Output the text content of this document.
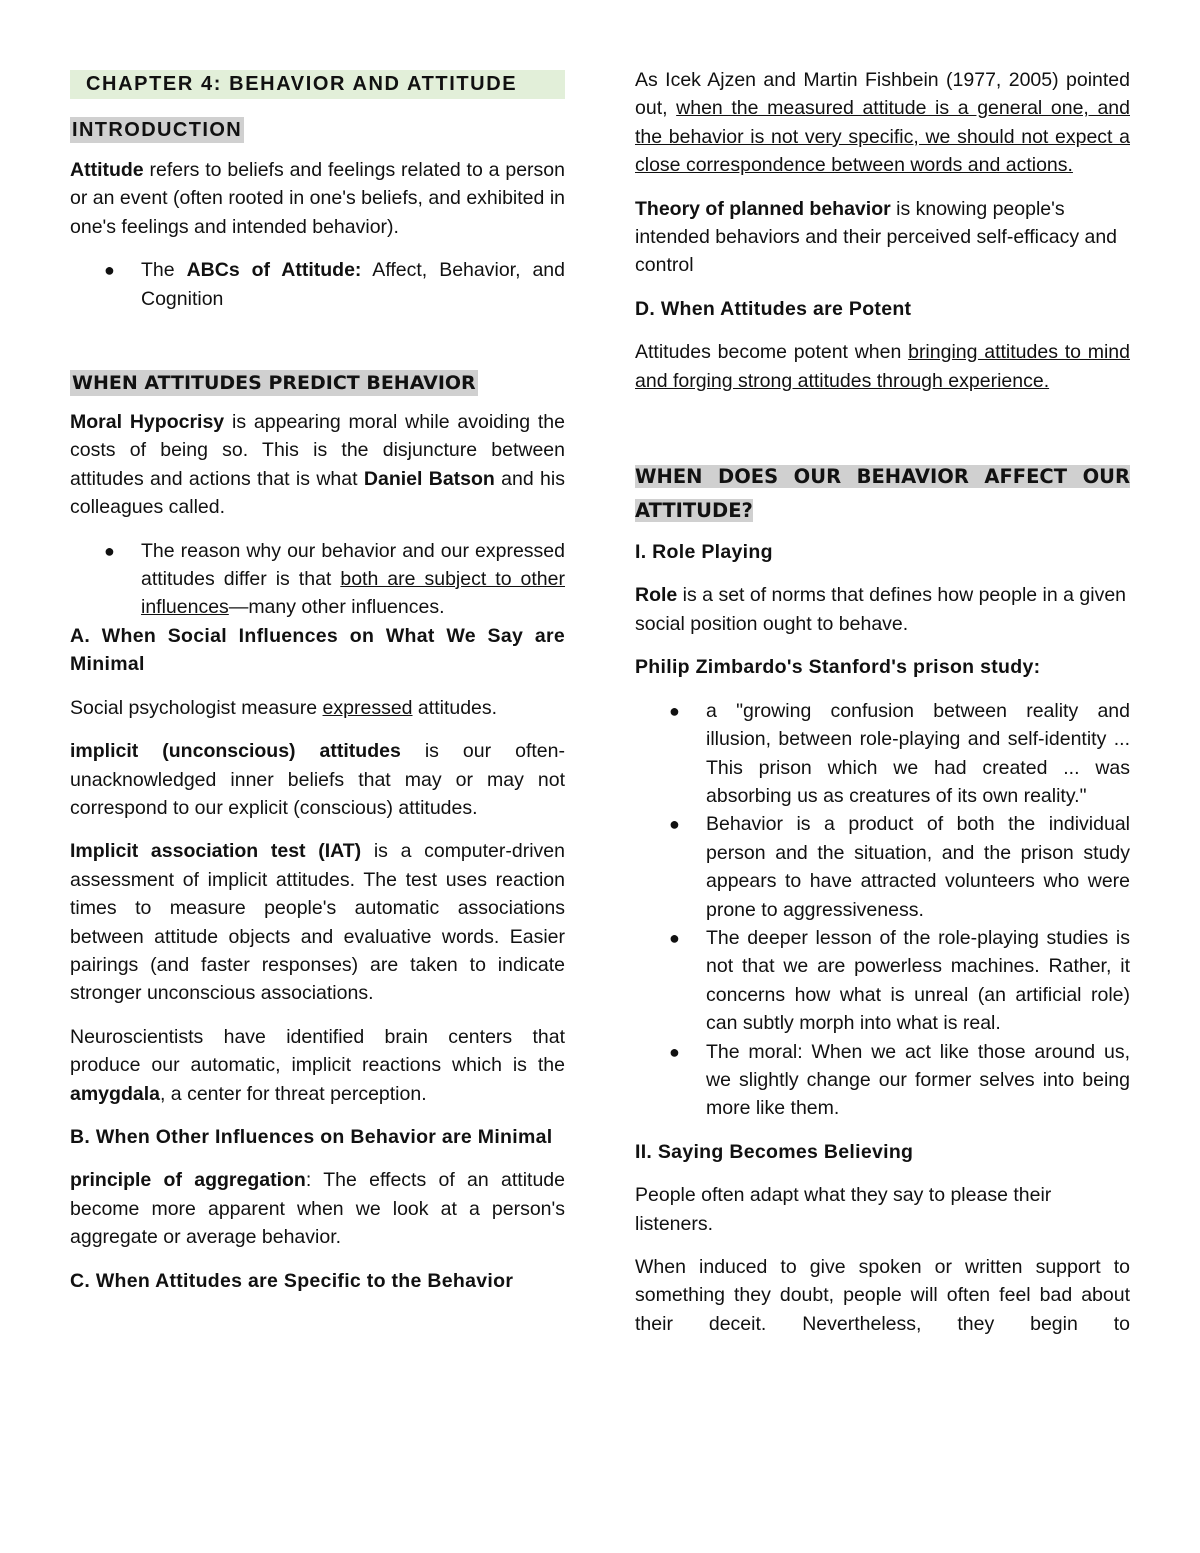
CHAPTER 4: BEHAVIOR AND ATTITUDE
INTRODUCTION

Attitude refers to beliefs and feelings related to a person or an event (often rooted in one's beliefs, and exhibited in one's feelings and intended behavior).

● The ABCs of Attitude: Affect, Behavior, and Cognition
WHEN ATTITUDES PREDICT BEHAVIOR

Moral Hypocrisy is appearing moral while avoiding the costs of being so. This is the disjuncture between attitudes and actions that is what Daniel Batson and his colleagues called.

● The reason why our behavior and our expressed attitudes differ is that both are subject to other influences—many other influences.
A. When Social Influences on What We Say are Minimal

Social psychologist measure expressed attitudes.

implicit (unconscious) attitudes is our often-unacknowledged inner beliefs that may or may not correspond to our explicit (conscious) attitudes.

Implicit association test (IAT) is a computer-driven assessment of implicit attitudes. The test uses reaction times to measure people's automatic associations between attitude objects and evaluative words. Easier pairings (and faster responses) are taken to indicate stronger unconscious associations.

Neuroscientists have identified brain centers that produce our automatic, implicit reactions which is the amygdala, a center for threat perception.

B. When Other Influences on Behavior are Minimal

principle of aggregation: The effects of an attitude become more apparent when we look at a person's aggregate or average behavior.

C. When Attitudes are Specific to the Behavior

As Icek Ajzen and Martin Fishbein (1977, 2005) pointed out, when the measured attitude is a general one, and the behavior is not very specific, we should not expect a close correspondence between words and actions.

Theory of planned behavior is knowing people's intended behaviors and their perceived self-efficacy and control

D. When Attitudes are Potent

Attitudes become potent when bringing attitudes to mind and forging strong attitudes through experience.

WHEN DOES OUR BEHAVIOR AFFECT OUR ATTITUDE?
I. Role Playing

Role is a set of norms that defines how people in a given social position ought to behave.

Philip Zimbardo's Stanford's prison study:
● a "growing confusion between reality and illusion, between role-playing and self-identity ... This prison which we had created ... was absorbing us as creatures of its own reality."
● Behavior is a product of both the individual person and the situation, and the prison study appears to have attracted volunteers who were prone to aggressiveness.
● The deeper lesson of the role-playing studies is not that we are powerless machines. Rather, it concerns how what is unreal (an artificial role) can subtly morph into what is real.
● The moral: When we act like those around us, we slightly change our former selves into being more like them.
II. Saying Becomes Believing

People often adapt what they say to please their listeners.

When induced to give spoken or written support to something they doubt, people will often feel bad about their deceit. Nevertheless, they begin to
